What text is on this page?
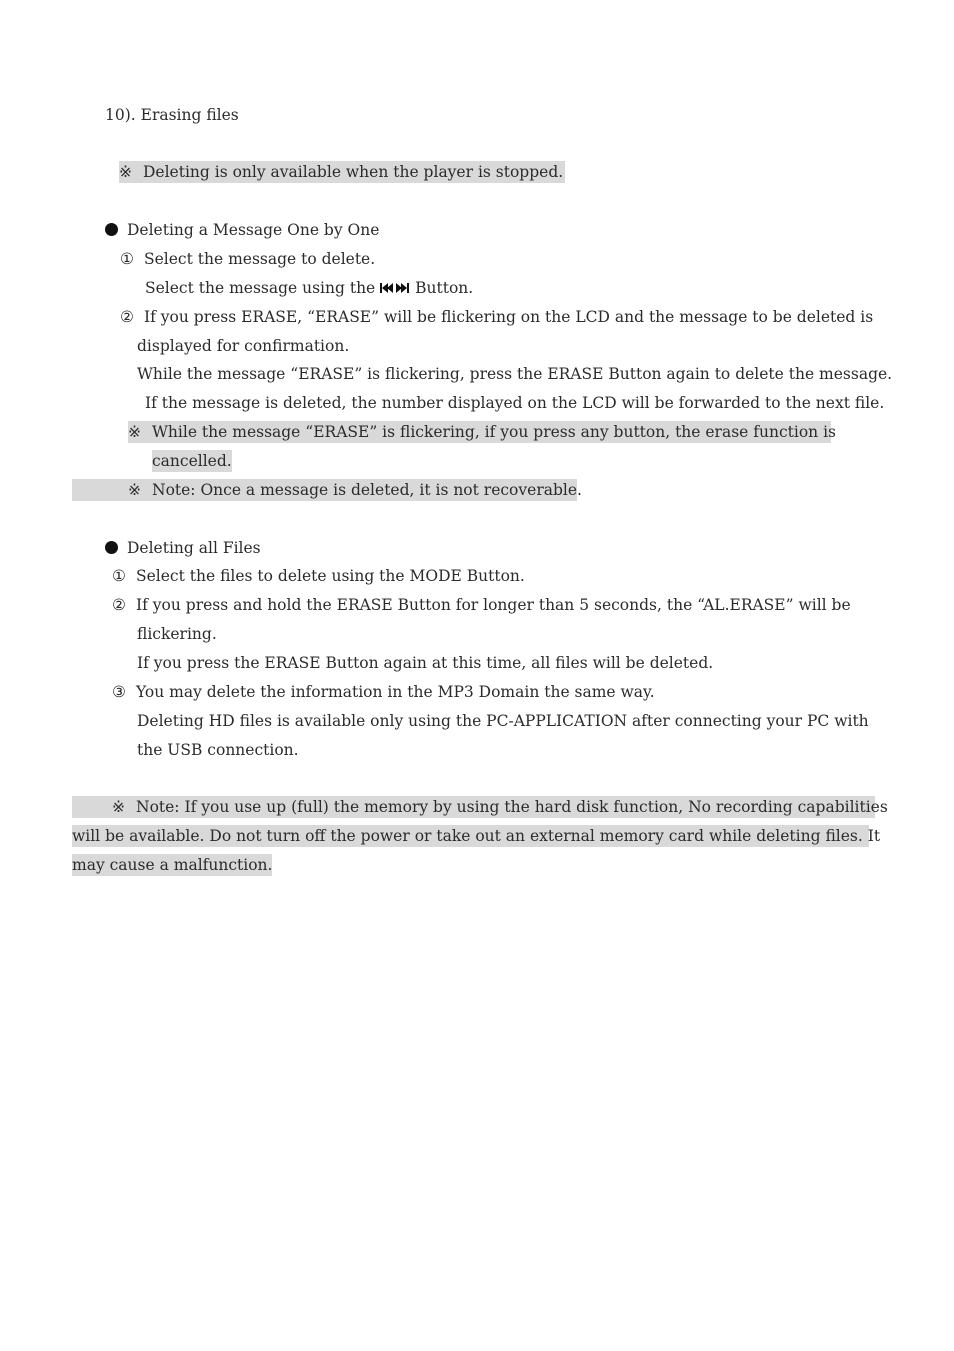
10). Erasing files
※ Deleting is only available when the player is stopped.
Deleting a Message One by One
① Select the message to delete.
Select the message using the	Button.
② If you press ERASE, “ERASE” will be flickering on the LCD and the message to be deleted is
displayed for confirmation.
While the message “ERASE” is flickering, press the ERASE Button again to delete the message.
If the message is deleted, the number displayed on the LCD will be forwarded to the next file.
※ While the message “ERASE” is flickering, if you press any button, the erase function is
cancelled.
※ Note: Once a message is deleted, it is not recoverable.
Deleting all Files
① Select the files to delete using the MODE Button.
② If you press and hold the ERASE Button for longer than 5 seconds, the “AL.ERASE” will be
flickering.
If you press the ERASE Button again at this time, all files will be deleted.
③ You may delete the information in the MP3 Domain the same way.
Deleting HD files is available only using the PC-APPLICATION after connecting your PC with
the USB connection.
※ Note: If you use up (full) the memory by using the hard disk function, No recording capabilities
will be available. Do not turn off the power or take out an external memory card while deleting files. It
may cause a malfunction.
